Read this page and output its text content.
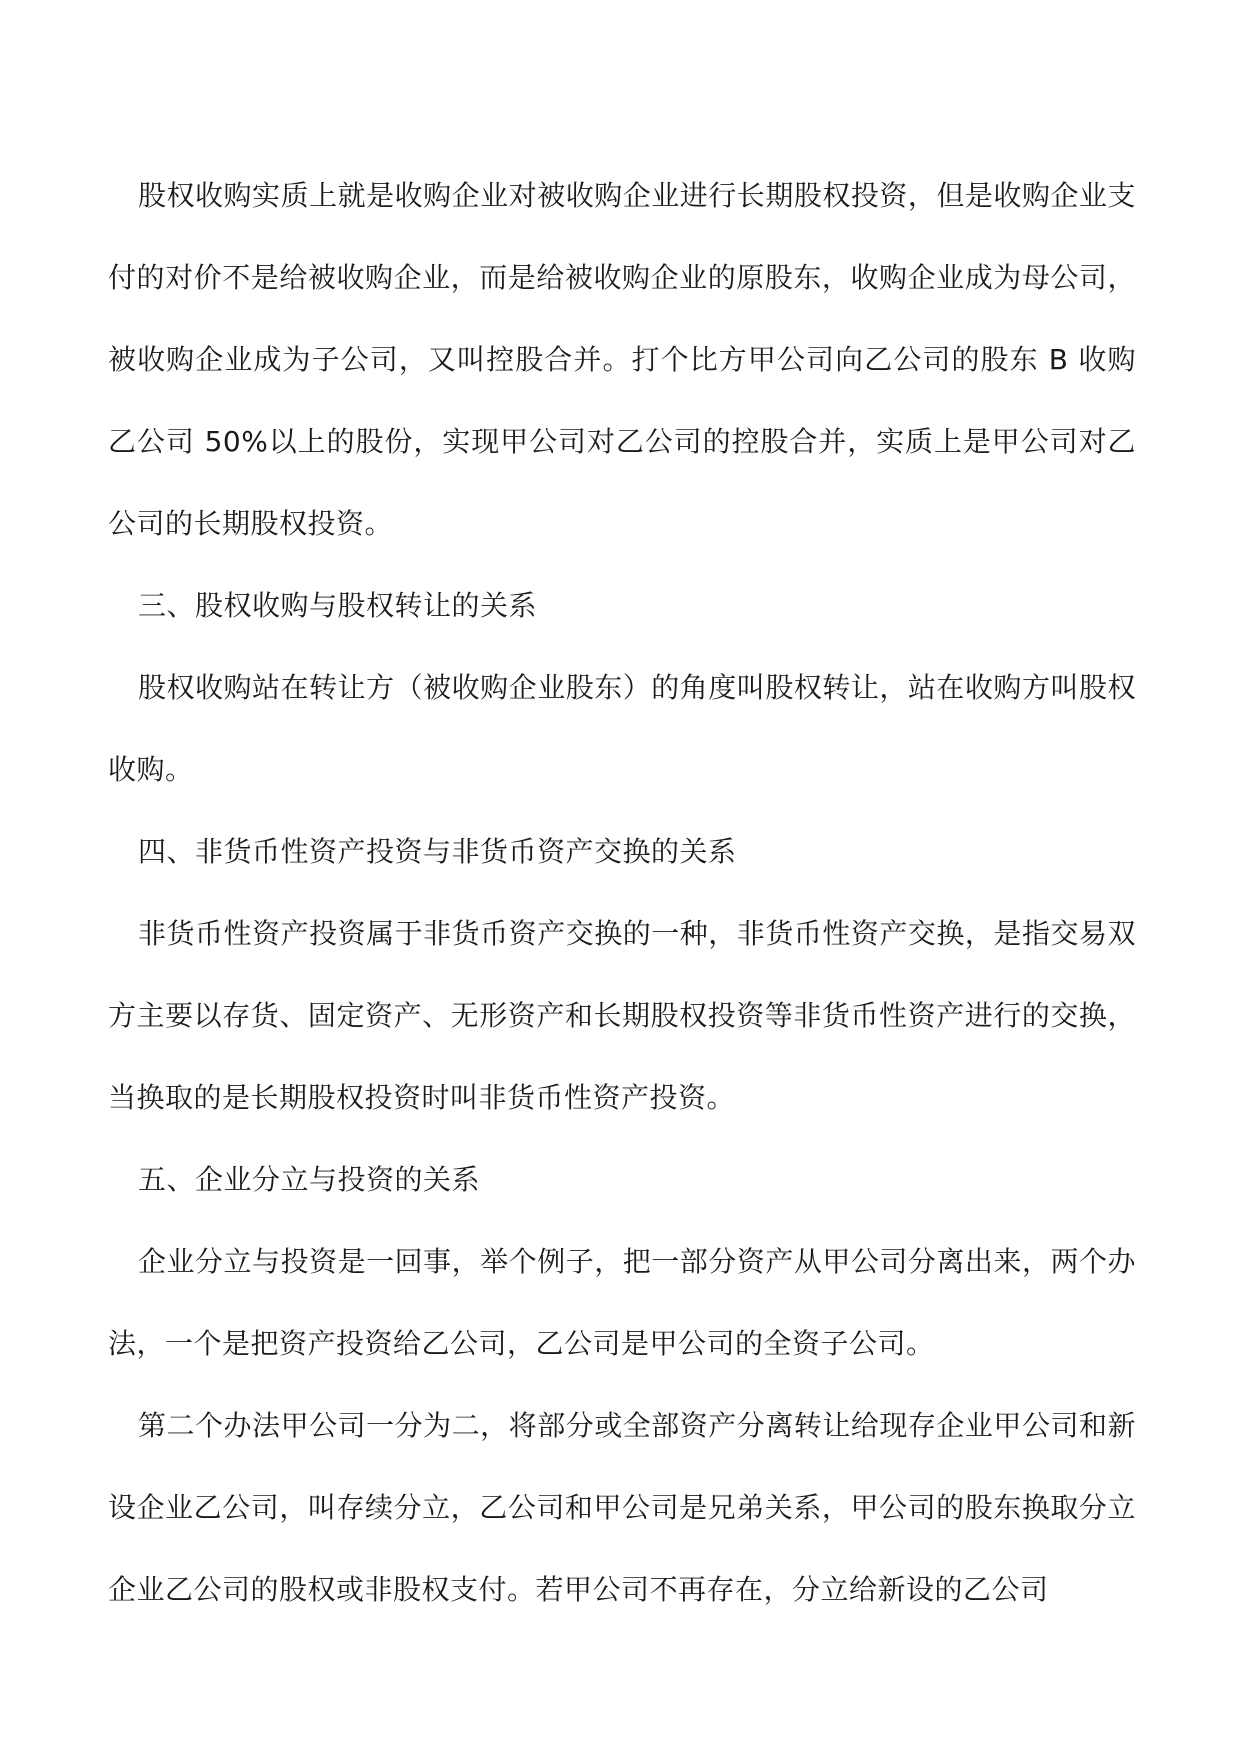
股权收购实质上就是收购企业对被收购企业进行长期股权投资，但是收购企业支付的对价不是给被收购企业，而是给被收购企业的原股东，收购企业成为母公司，被收购企业成为子公司，又叫控股合并。打个比方甲公司向乙公司的股东 B 收购乙公司 50%以上的股份，实现甲公司对乙公司的控股合并，实质上是甲公司对乙公司的长期股权投资。

三、股权收购与股权转让的关系

股权收购站在转让方（被收购企业股东）的角度叫股权转让，站在收购方叫股权收购。

四、非货币性资产投资与非货币资产交换的关系

非货币性资产投资属于非货币资产交换的一种，非货币性资产交换，是指交易双方主要以存货、固定资产、无形资产和长期股权投资等非货币性资产进行的交换，当换取的是长期股权投资时叫非货币性资产投资。

五、企业分立与投资的关系

企业分立与投资是一回事，举个例子，把一部分资产从甲公司分离出来，两个办法，一个是把资产投资给乙公司，乙公司是甲公司的全资子公司。

第二个办法甲公司一分为二，将部分或全部资产分离转让给现存企业甲公司和新设企业乙公司，叫存续分立，乙公司和甲公司是兄弟关系，甲公司的股东换取分立企业乙公司的股权或非股权支付。若甲公司不再存在，分立给新设的乙公司
